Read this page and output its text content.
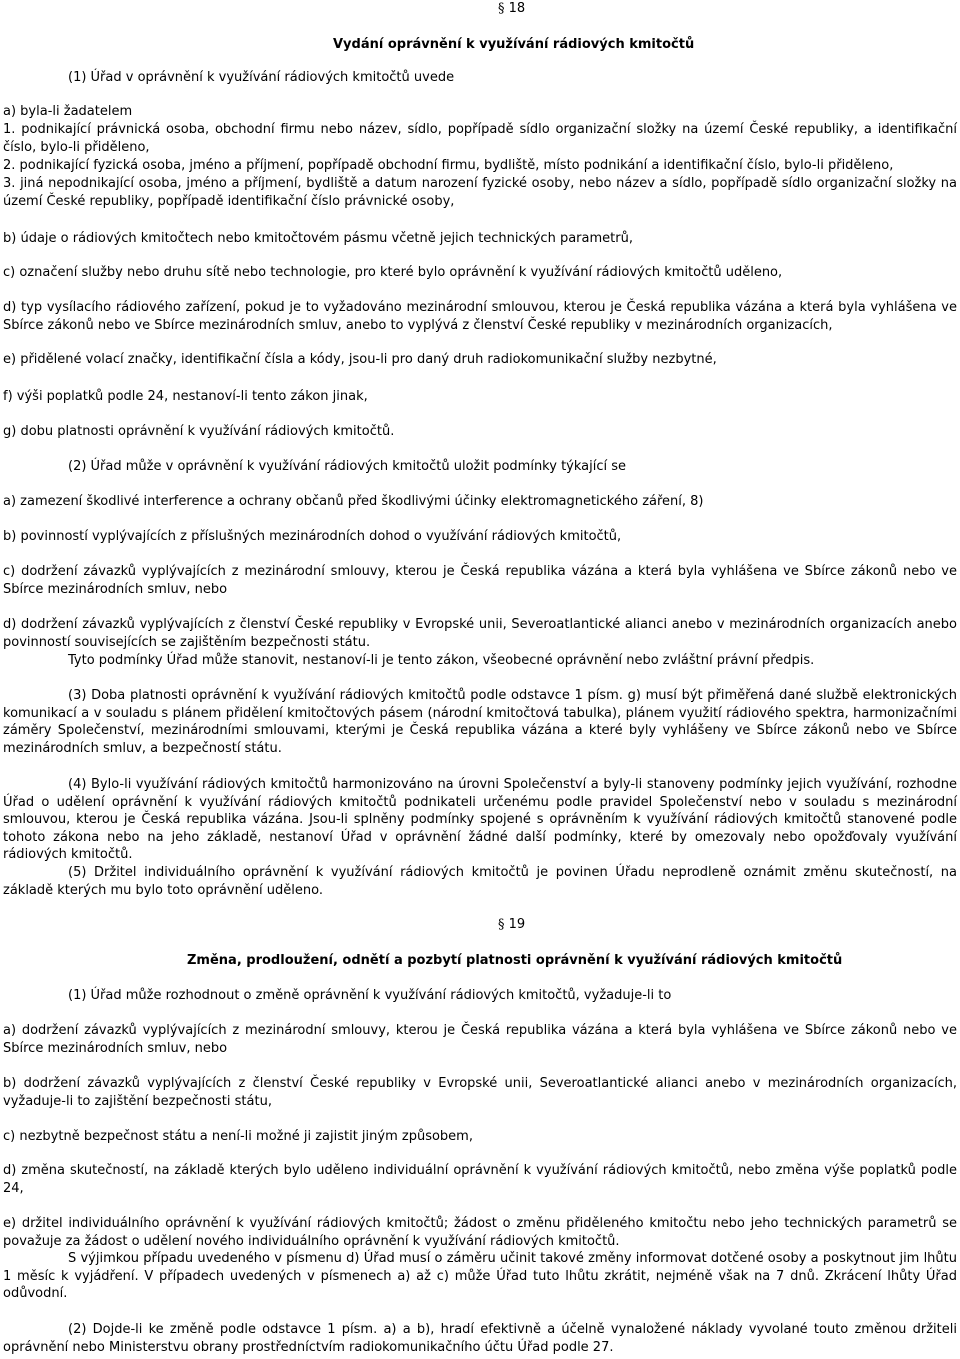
§ 18
Vydání oprávnění k využívání rádiových kmitočtů
(1) Úřad v oprávnění k využívání rádiových kmitočtů uvede
a) byla-li žadatelem
1. podnikající právnická osoba, obchodní firmu nebo název, sídlo, popřípadě sídlo organizační složky na území České republiky, a identifikační číslo, bylo-li přiděleno,
2. podnikající fyzická osoba, jméno a příjmení, popřípadě obchodní firmu, bydliště, místo podnikání a identifikační číslo, bylo-li přiděleno,
3. jiná nepodnikající osoba, jméno a příjmení, bydliště a datum narození fyzické osoby, nebo název a sídlo, popřípadě sídlo organizační složky na území České republiky, popřípadě identifikační číslo právnické osoby,
b) údaje o rádiových kmitočtech nebo kmitočtovém pásmu včetně jejich technických parametrů,
c) označení služby nebo druhu sítě nebo technologie, pro které bylo oprávnění k využívání rádiových kmitočtů uděleno,
d) typ vysílacího rádiového zařízení, pokud je to vyžadováno mezinárodní smlouvou, kterou je Česká republika vázána a která byla vyhlášena ve Sbírce zákonů nebo ve Sbírce mezinárodních smluv, anebo to vyplývá z členství České republiky v mezinárodních organizacích,
e) přidělené volací značky, identifikační čísla a kódy, jsou-li pro daný druh radiokomunikační služby nezbytné,
f) výši poplatků podle 24, nestanoví-li tento zákon jinak,
g) dobu platnosti oprávnění k využívání rádiových kmitočtů.
(2) Úřad může v oprávnění k využívání rádiových kmitočtů uložit podmínky týkající se
a) zamezení škodlivé interference a ochrany občanů před škodlivými účinky elektromagnetického záření, 8)
b) povinností vyplývajících z příslušných mezinárodních dohod o využívání rádiových kmitočtů,
c) dodržení závazků vyplývajících z mezinárodní smlouvy, kterou je Česká republika vázána a která byla vyhlášena ve Sbírce zákonů nebo ve Sbírce mezinárodních smluv, nebo
d) dodržení závazků vyplývajících z členství České republiky v Evropské unii, Severoatlantické alianci anebo v mezinárodních organizacích anebo povinností souvisejících se zajištěním bezpečnosti státu.
Tyto podmínky Úřad může stanovit, nestanoví-li je tento zákon, všeobecné oprávnění nebo zvláštní právní předpis.
(3) Doba platnosti oprávnění k využívání rádiových kmitočtů podle odstavce 1 písm. g) musí být přiměřená dané službě elektronických komunikací a v souladu s plánem přidělení kmitočtových pásem (národní kmitočtová tabulka), plánem využití rádiového spektra, harmonizačními záměry Společenství, mezinárodními smlouvami, kterými je Česká republika vázána a které byly vyhlášeny ve Sbírce zákonů nebo ve Sbírce mezinárodních smluv, a bezpečností státu.
(4) Bylo-li využívání rádiových kmitočtů harmonizováno na úrovni Společenství a byly-li stanoveny podmínky jejich využívání, rozhodne Úřad o udělení oprávnění k využívání rádiových kmitočtů podnikateli určenému podle pravidel Společenství nebo v souladu s mezinárodní smlouvou, kterou je Česká republika vázána. Jsou-li splněny podmínky spojené s oprávněním k využívání rádiových kmitočtů stanovené podle tohoto zákona nebo na jeho základě, nestanoví Úřad v oprávnění žádné další podmínky, které by omezovaly nebo opožďovaly využívání rádiových kmitočtů.
(5) Držitel individuálního oprávnění k využívání rádiových kmitočtů je povinen Úřadu neprodleně oznámit změnu skutečností, na základě kterých mu bylo toto oprávnění uděleno.
§ 19
Změna, prodloužení, odnětí a pozbytí platnosti oprávnění k využívání rádiových kmitočtů
(1) Úřad může rozhodnout o změně oprávnění k využívání rádiových kmitočtů, vyžaduje-li to
a) dodržení závazků vyplývajících z mezinárodní smlouvy, kterou je Česká republika vázána a která byla vyhlášena ve Sbírce zákonů nebo ve Sbírce mezinárodních smluv, nebo
b) dodržení závazků vyplývajících z členství České republiky v Evropské unii, Severoatlantické alianci anebo v mezinárodních organizacích, vyžaduje-li to zajištění bezpečnosti státu,
c) nezbytně bezpečnost státu a není-li možné ji zajistit jiným způsobem,
d) změna skutečností, na základě kterých bylo uděleno individuální oprávnění k využívání rádiových kmitočtů, nebo změna výše poplatků podle 24,
e) držitel individuálního oprávnění k využívání rádiových kmitočtů; žádost o změnu přiděleného kmitočtu nebo jeho technických parametrů se považuje za žádost o udělení nového individuálního oprávnění k využívání rádiových kmitočtů.
S výjimkou případu uvedeného v písmenu d) Úřad musí o záměru učinit takové změny informovat dotčené osoby a poskytnout jim lhůtu 1 měsíc k vyjádření. V případech uvedených v písmenech a) až c) může Úřad tuto lhůtu zkrátit, nejméně však na 7 dnů. Zkrácení lhůty Úřad odůvodní.
(2) Dojde-li ke změně podle odstavce 1 písm. a) a b), hradí efektivně a účelně vynaložené náklady vyvolané touto změnou držiteli oprávnění nebo Ministerstvu obrany prostředníctvím radiokomunikačního účtu Úřad podle 27.
